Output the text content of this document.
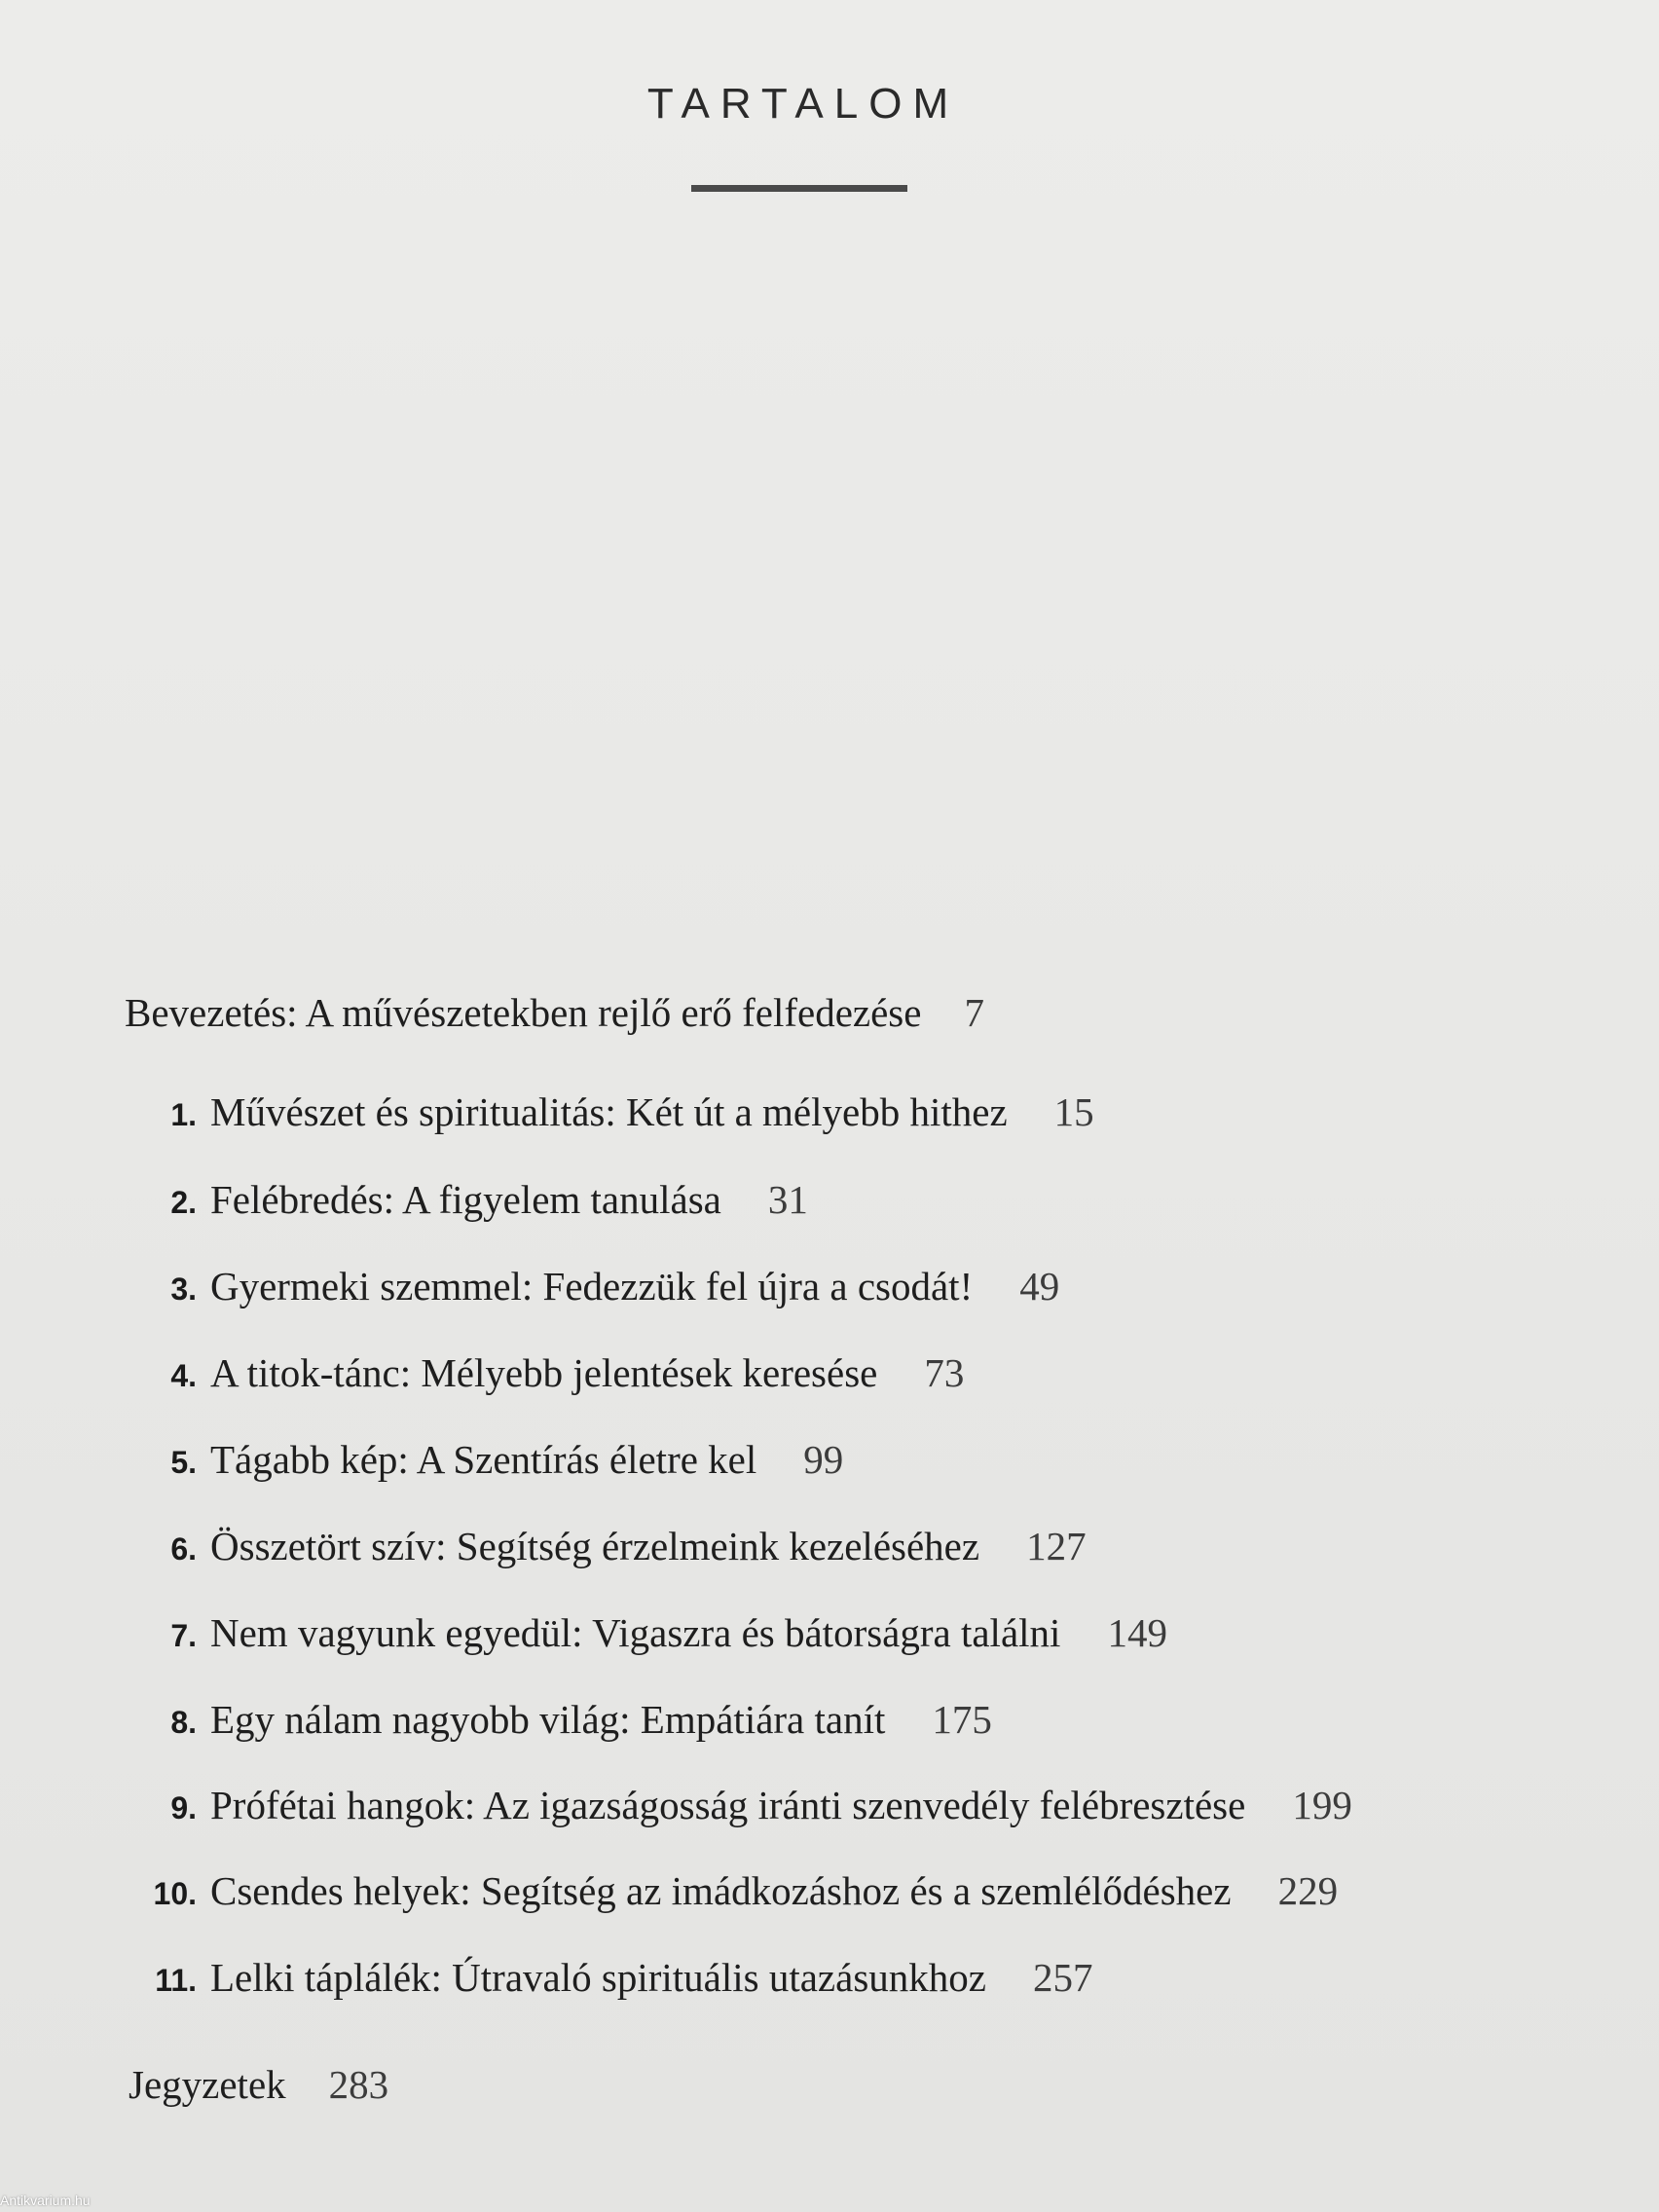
TARTALOM
Bevezetés: A művészetekben rejlő erő felfedezése 7
1. Művészet és spiritualitás: Két út a mélyebb hithez 15
2. Felébredés: A figyelem tanulása 31
3. Gyermeki szemmel: Fedezzük fel újra a csodát! 49
4. A titok-tánc: Mélyebb jelentések keresése 73
5. Tágabb kép: A Szentírás életre kel 99
6. Összetört szív: Segítség érzelmeink kezeléséhez 127
7. Nem vagyunk egyedül: Vigaszra és bátorságra találni 149
8. Egy nálam nagyobb világ: Empátiára tanít 175
9. Prófétai hangok: Az igazságosság iránti szenvedély felébresztése 199
10. Csendes helyek: Segítség az imádkozáshoz és a szemlélődéshez 229
11. Lelki táplálék: Útravaló spirituális utazásunkhoz 257
Jegyzetek 283
Antikvarium.hu
